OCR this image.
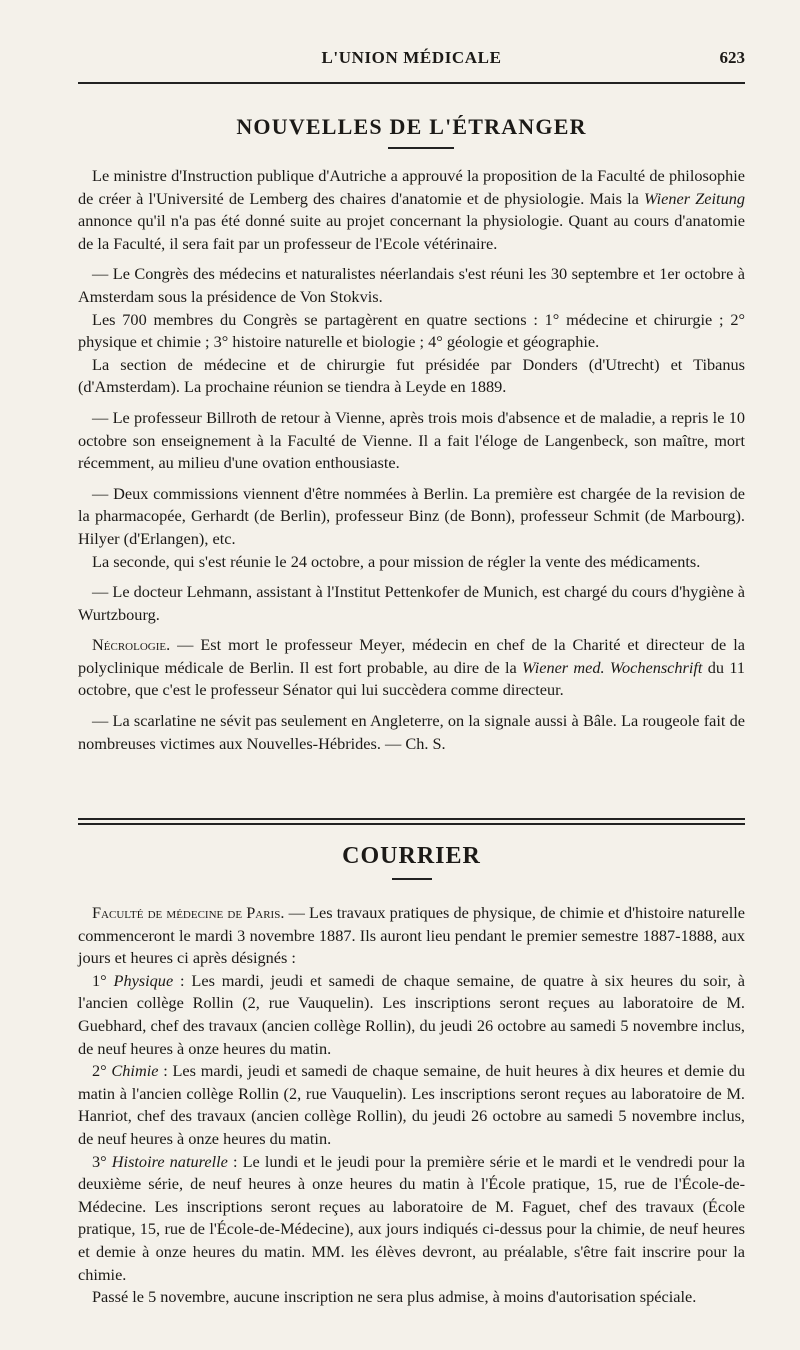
L'UNION MÉDICALE	623
NOUVELLES DE L'ÉTRANGER

Le ministre d'Instruction publique d'Autriche a approuvé la proposition de la Faculté de philosophie de créer à l'Université de Lemberg des chaires d'anatomie et de physiologie. Mais la Wiener Zeitung annonce qu'il n'a pas été donné suite au projet concernant la physiologie. Quant au cours d'anatomie de la Faculté, il sera fait par un professeur de l'Ecole vétérinaire.

— Le Congrès des médecins et naturalistes néerlandais s'est réuni les 30 septembre et 1er octobre à Amsterdam sous la présidence de Von Stokvis.

Les 700 membres du Congrès se partagèrent en quatre sections : 1° médecine et chirurgie ; 2° physique et chimie ; 3° histoire naturelle et biologie ; 4° géologie et géographie.

La section de médecine et de chirurgie fut présidée par Donders (d'Utrecht) et Tibanus (d'Amsterdam). La prochaine réunion se tiendra à Leyde en 1889.

— Le professeur Billroth de retour à Vienne, après trois mois d'absence et de maladie, a repris le 10 octobre son enseignement à la Faculté de Vienne. Il a fait l'éloge de Langenbeck, son maître, mort récemment, au milieu d'une ovation enthousiaste.

— Deux commissions viennent d'être nommées à Berlin. La première est chargée de la revision de la pharmacopée, Gerhardt (de Berlin), professeur Binz (de Bonn), professeur Schmit (de Marbourg). Hilyer (d'Erlangen), etc.

La seconde, qui s'est réunie le 24 octobre, a pour mission de régler la vente des médicaments.

— Le docteur Lehmann, assistant à l'Institut Pettenkofer de Munich, est chargé du cours d'hygiène à Wurtzbourg.

Nécrologie. — Est mort le professeur Meyer, médecin en chef de la Charité et directeur de la polyclinique médicale de Berlin. Il est fort probable, au dire de la Wiener med. Wochenschrift du 11 octobre, que c'est le professeur Sénator qui lui succèdera comme directeur.

— La scarlatine ne sévit pas seulement en Angleterre, on la signale aussi à Bâle. La rougeole fait de nombreuses victimes aux Nouvelles-Hébrides. — Ch. S.

COURRIER

Faculté de médecine de Paris. — Les travaux pratiques de physique, de chimie et d'histoire naturelle commenceront le mardi 3 novembre 1887. Ils auront lieu pendant le premier semestre 1887-1888, aux jours et heures ci après désignés :

1° Physique : Les mardi, jeudi et samedi de chaque semaine, de quatre à six heures du soir, à l'ancien collège Rollin (2, rue Vauquelin). Les inscriptions seront reçues au laboratoire de M. Guebhard, chef des travaux (ancien collège Rollin), du jeudi 26 octobre au samedi 5 novembre inclus, de neuf heures à onze heures du matin.

2° Chimie : Les mardi, jeudi et samedi de chaque semaine, de huit heures à dix heures et demie du matin à l'ancien collège Rollin (2, rue Vauquelin). Les inscriptions seront reçues au laboratoire de M. Hanriot, chef des travaux (ancien collège Rollin), du jeudi 26 octobre au samedi 5 novembre inclus, de neuf heures à onze heures du matin.

3° Histoire naturelle : Le lundi et le jeudi pour la première série et le mardi et le vendredi pour la deuxième série, de neuf heures à onze heures du matin à l'École pratique, 15, rue de l'École-de-Médecine. Les inscriptions seront reçues au laboratoire de M. Faguet, chef des travaux (École pratique, 15, rue de l'École-de-Médecine), aux jours indiqués ci-dessus pour la chimie, de neuf heures et demie à onze heures du matin. MM. les élèves devront, au préalable, s'être fait inscrire pour la chimie.

Passé le 5 novembre, aucune inscription ne sera plus admise, à moins d'autorisation spéciale.
